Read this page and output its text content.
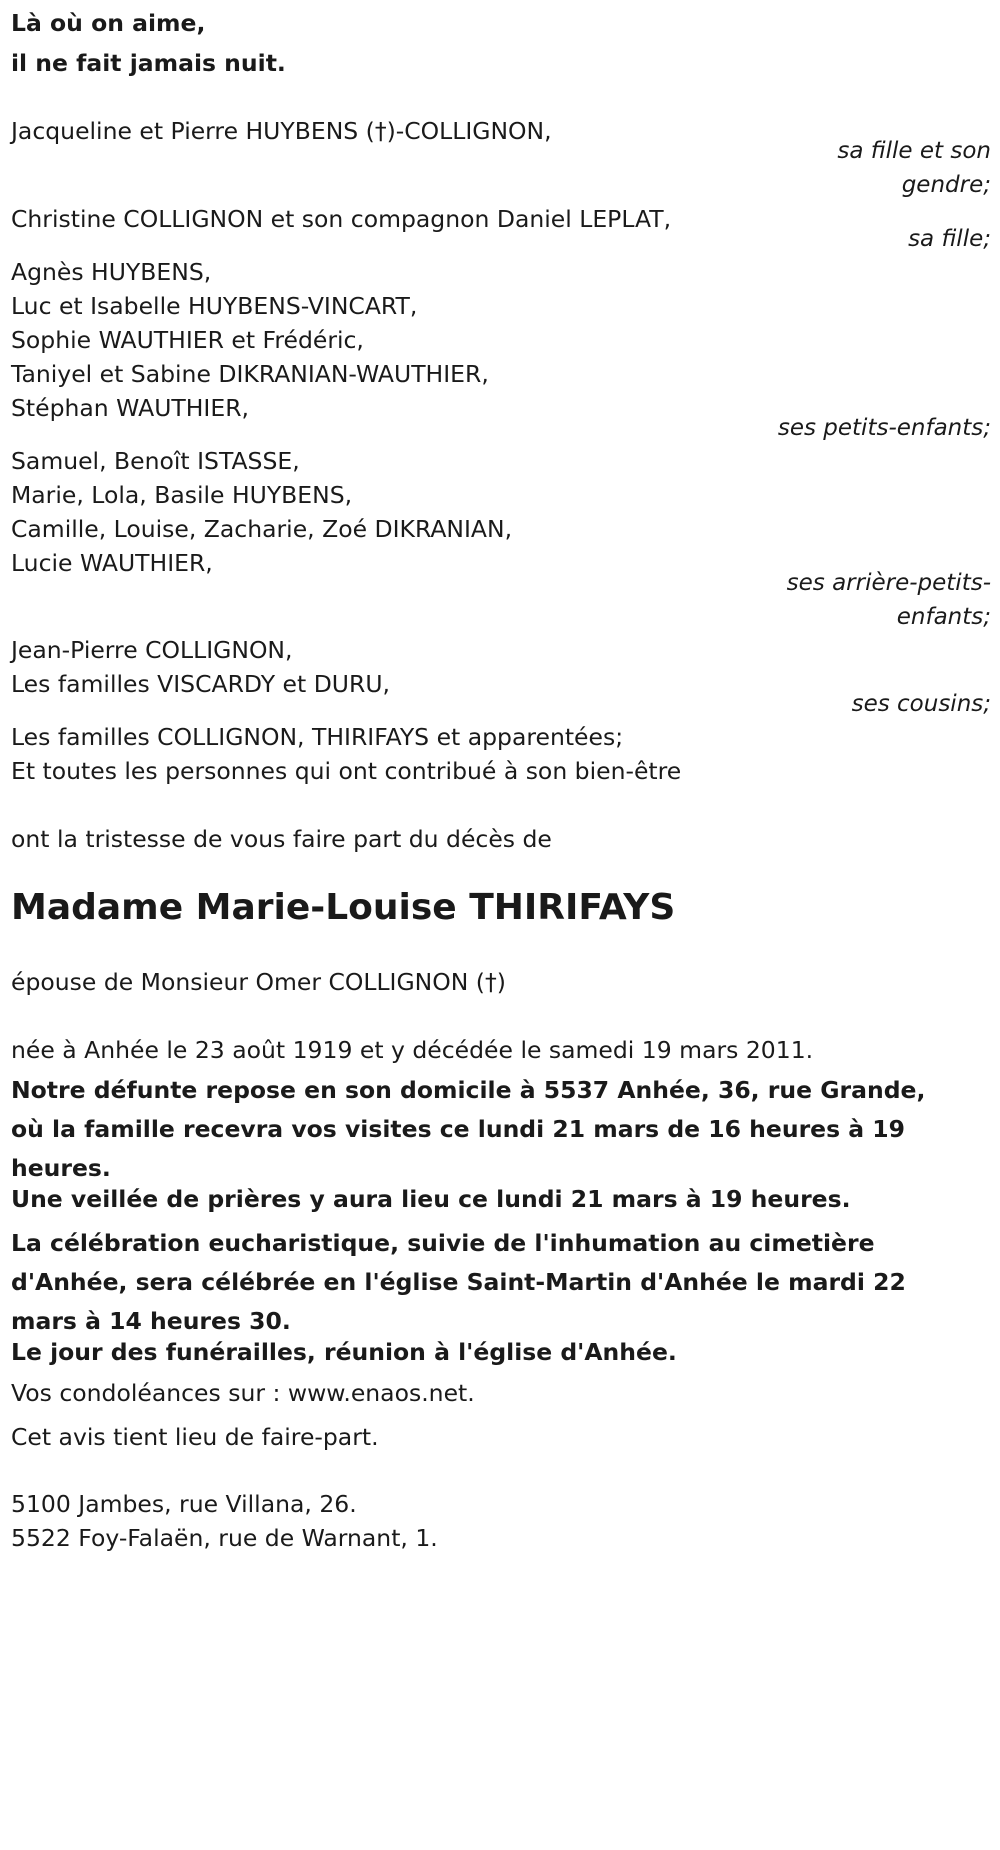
Là où on aime,
il ne fait jamais nuit.
Jacqueline et Pierre HUYBENS (†)-COLLIGNON,
sa fille et son
gendre;
Christine COLLIGNON et son compagnon Daniel LEPLAT,
sa fille;
Agnès HUYBENS,
Luc et Isabelle HUYBENS-VINCART,
Sophie WAUTHIER et Frédéric,
Taniyel et Sabine DIKRANIAN-WAUTHIER,
Stéphan WAUTHIER,
ses petits-enfants;
Samuel, Benoît ISTASSE,
Marie, Lola, Basile HUYBENS,
Camille, Louise, Zacharie, Zoé DIKRANIAN,
Lucie WAUTHIER,
ses arrière-petits-
enfants;
Jean-Pierre COLLIGNON,
Les familles VISCARDY et DURU,
ses cousins;
Les familles COLLIGNON, THIRIFAYS et apparentées;
Et toutes les personnes qui ont contribué à son bien-être
ont la tristesse de vous faire part du décès de
Madame Marie-Louise THIRIFAYS
épouse de Monsieur Omer COLLIGNON (†)
née à Anhée le 23 août 1919 et y décédée le samedi 19 mars 2011.
Notre défunte repose en son domicile à 5537 Anhée, 36, rue Grande,
où la famille recevra vos visites ce lundi 21 mars de 16 heures à 19
heures.
Une veillée de prières y aura lieu ce lundi 21 mars à 19 heures.
La célébration eucharistique, suivie de l'inhumation au cimetière
d'Anhée, sera célébrée en l'église Saint-Martin d'Anhée le mardi 22
mars à 14 heures 30.
Le jour des funérailles, réunion à l'église d'Anhée.
Vos condoléances sur : www.enaos.net.
Cet avis tient lieu de faire-part.
5100 Jambes, rue Villana, 26.
5522 Foy-Falaën, rue de Warnant, 1.
